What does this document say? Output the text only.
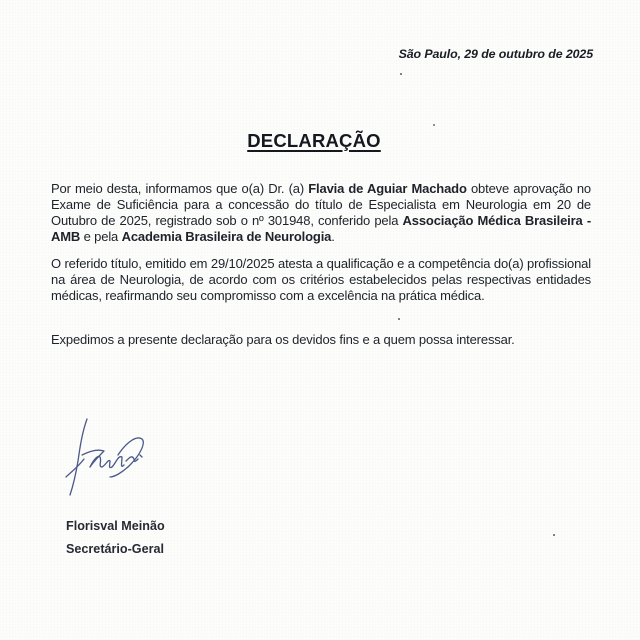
São Paulo, 29 de outubro de 2025
DECLARAÇÃO
Por meio desta, informamos que o(a) Dr. (a) Flavia de Aguiar Machado obteve aprovação no Exame de Suficiência para a concessão do título de Especialista em Neurologia em 20 de Outubro de 2025, registrado sob o nº 301948, conferido pela Associação Médica Brasileira - AMB e pela Academia Brasileira de Neurologia.
O referido título, emitido em 29/10/2025 atesta a qualificação e a competência do(a) profissional na área de Neurologia, de acordo com os critérios estabelecidos pelas respectivas entidades médicas, reafirmando seu compromisso com a excelência na prática médica.
Expedimos a presente declaração para os devidos fins e a quem possa interessar.
Florisval Meinão
Secretário-Geral
